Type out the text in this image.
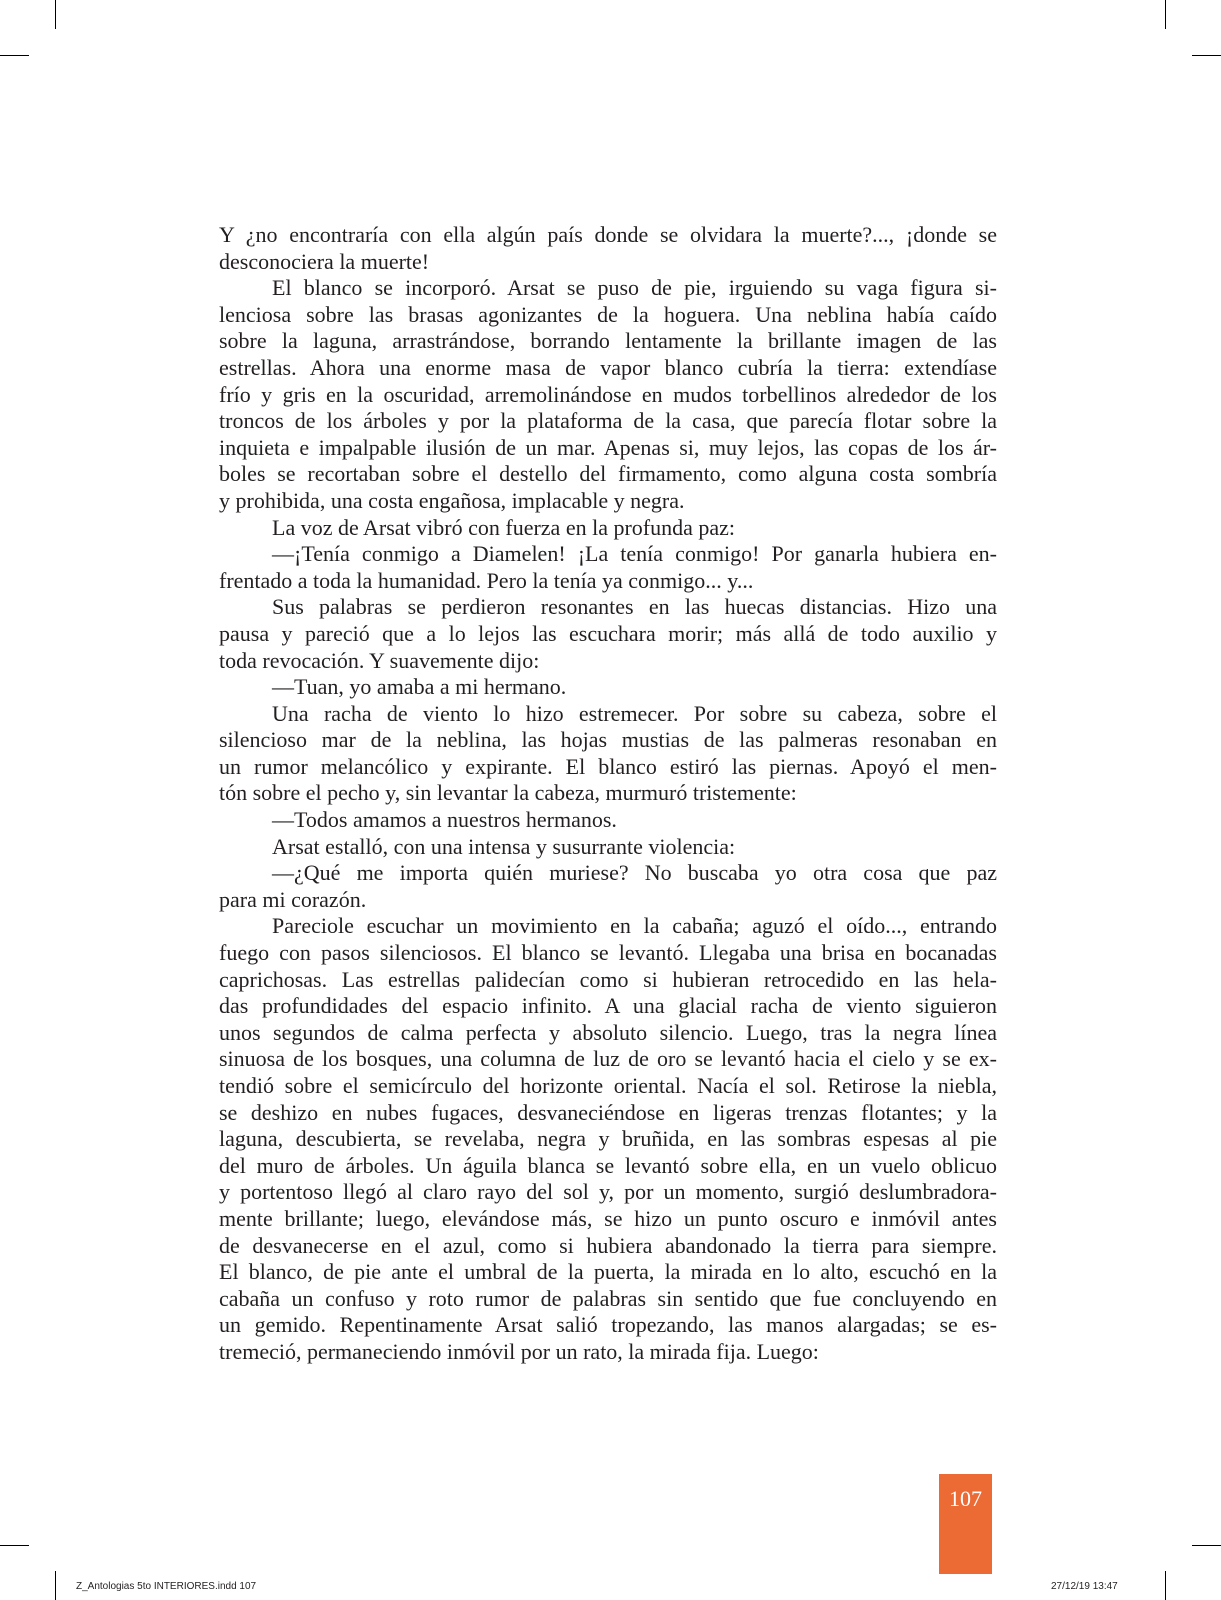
Y ¿no encontraría con ella algún país donde se olvidara la muerte?..., ¡donde se
desconociera la muerte!
El blanco se incorporó. Arsat se puso de pie, irguiendo su vaga figura si-
lenciosa sobre las brasas agonizantes de la hoguera. Una neblina había caído
sobre la laguna, arrastrándose, borrando lentamente la brillante imagen de las
estrellas. Ahora una enorme masa de vapor blanco cubría la tierra: extendíase
frío y gris en la oscuridad, arremolinándose en mudos torbellinos alrededor de los
troncos de los árboles y por la plataforma de la casa, que parecía flotar sobre la
inquieta e impalpable ilusión de un mar. Apenas si, muy lejos, las copas de los ár-
boles se recortaban sobre el destello del firmamento, como alguna costa sombría
y prohibida, una costa engañosa, implacable y negra.
La voz de Arsat vibró con fuerza en la profunda paz:
—¡Tenía conmigo a Diamelen! ¡La tenía conmigo! Por ganarla hubiera en-
frentado a toda la humanidad. Pero la tenía ya conmigo... y...
Sus palabras se perdieron resonantes en las huecas distancias. Hizo una
pausa y pareció que a lo lejos las escuchara morir; más allá de todo auxilio y
toda revocación. Y suavemente dijo:
—Tuan, yo amaba a mi hermano.
Una racha de viento lo hizo estremecer. Por sobre su cabeza, sobre el
silencioso mar de la neblina, las hojas mustias de las palmeras resonaban en
un rumor melancólico y expirante. El blanco estiró las piernas. Apoyó el men-
tón sobre el pecho y, sin levantar la cabeza, murmuró tristemente:
—Todos amamos a nuestros hermanos.
Arsat estalló, con una intensa y susurrante violencia:
—¿Qué me importa quién muriese? No buscaba yo otra cosa que paz
para mi corazón.
Pareciole escuchar un movimiento en la cabaña; aguzó el oído..., entrando
fuego con pasos silenciosos. El blanco se levantó. Llegaba una brisa en bocanadas
caprichosas. Las estrellas palidecían como si hubieran retrocedido en las hela-
das profundidades del espacio infinito. A una glacial racha de viento siguieron
unos segundos de calma perfecta y absoluto silencio. Luego, tras la negra línea
sinuosa de los bosques, una columna de luz de oro se levantó hacia el cielo y se ex-
tendió sobre el semicírculo del horizonte oriental. Nacía el sol. Retirose la niebla,
se deshizo en nubes fugaces, desvaneciéndose en ligeras trenzas flotantes; y la
laguna, descubierta, se revelaba, negra y bruñida, en las sombras espesas al pie
del muro de árboles. Un águila blanca se levantó sobre ella, en un vuelo oblicuo
y portentoso llegó al claro rayo del sol y, por un momento, surgió deslumbradora-
mente brillante; luego, elevándose más, se hizo un punto oscuro e inmóvil antes
de desvanecerse en el azul, como si hubiera abandonado la tierra para siempre.
El blanco, de pie ante el umbral de la puerta, la mirada en lo alto, escuchó en la
cabaña un confuso y roto rumor de palabras sin sentido que fue concluyendo en
un gemido. Repentinamente Arsat salió tropezando, las manos alargadas; se es-
tremeció, permaneciendo inmóvil por un rato, la mirada fija. Luego:
107
Z_Antologias 5to INTERIORES.indd 107	27/12/19 13:47
